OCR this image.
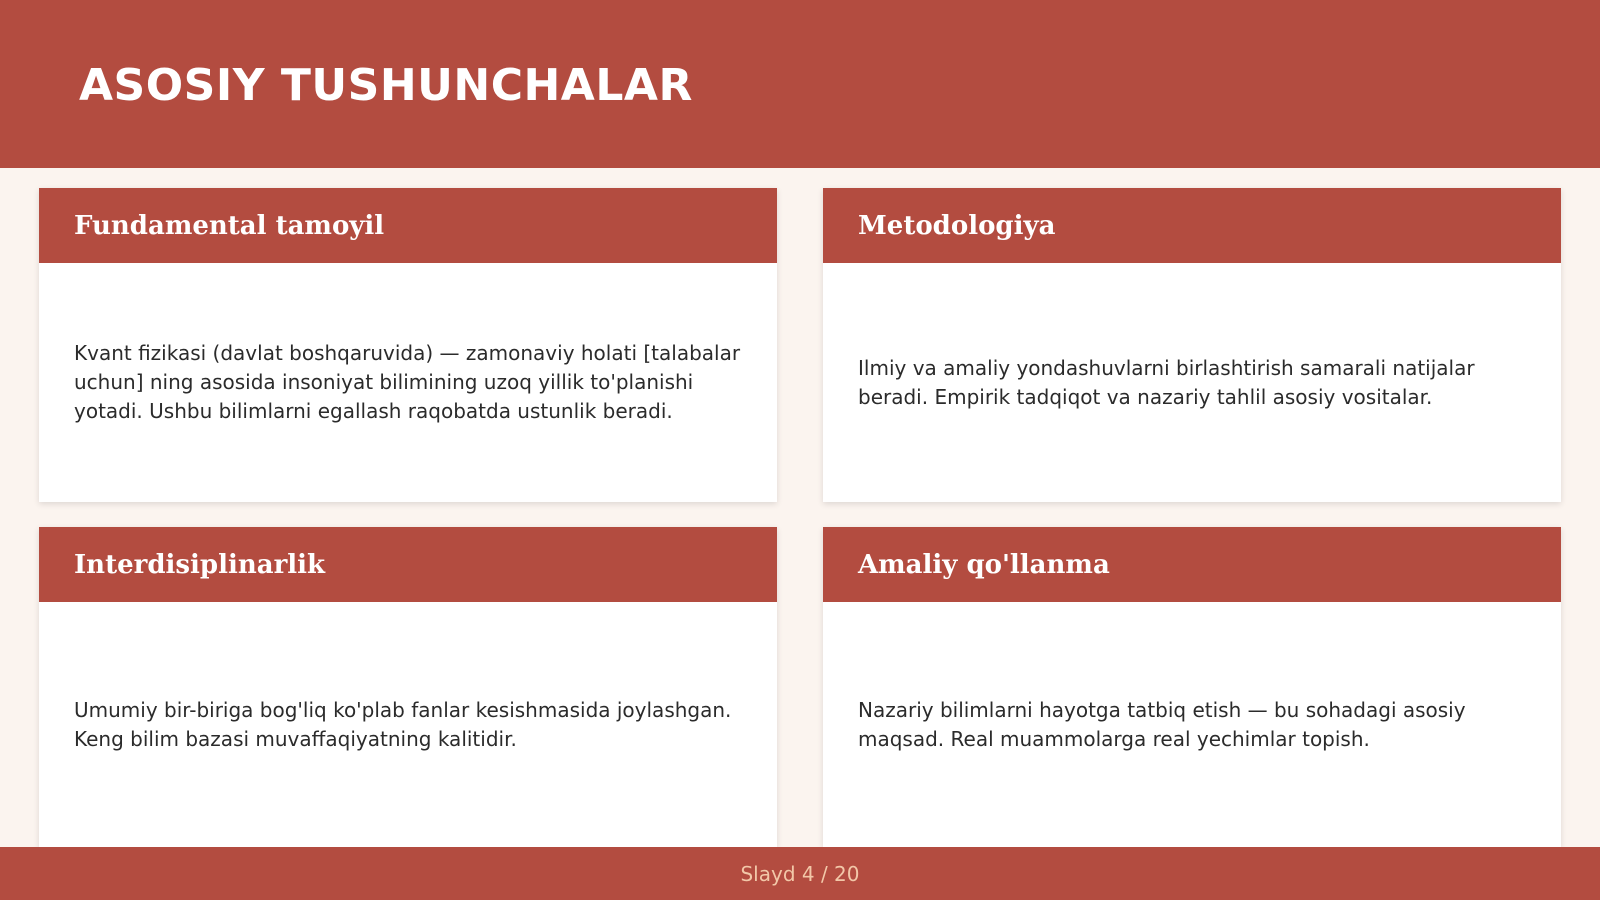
ASOSIY TUSHUNCHALAR
Fundamental tamoyil

Kvant fizikasi (davlat boshqaruvida) — zamonaviy holati [talabalar uchun] ning asosida insoniyat bilimining uzoq yillik to'planishi yotadi. Ushbu bilimlarni egallash raqobatda ustunlik beradi.

Metodologiya

Ilmiy va amaliy yondashuvlarni birlashtirish samarali natijalar beradi. Empirik tadqiqot va nazariy tahlil asosiy vositalar.

Interdisiplinarlik

Umumiy bir-biriga bog'liq ko'plab fanlar kesishmasida joylashgan. Keng bilim bazasi muvaffaqiyatning kalitidir.

Amaliy qo'llanma

Nazariy bilimlarni hayotga tatbiq etish — bu sohadagi asosiy maqsad. Real muammolarga real yechimlar topish.

Slayd 4 / 20
